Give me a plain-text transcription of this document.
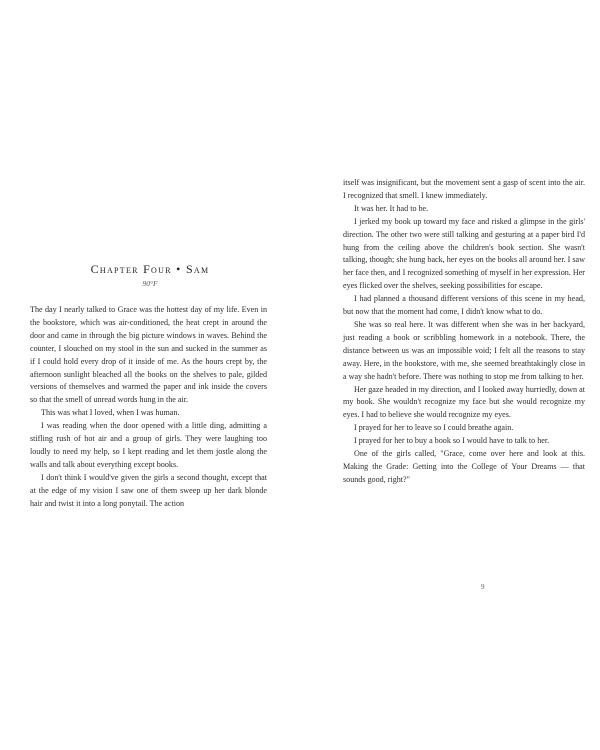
Chapter Four • Sam
90°F

The day I nearly talked to Grace was the hottest day of my life. Even in the bookstore, which was air-conditioned, the heat crept in around the door and came in through the big picture windows in waves. Behind the counter, I slouched on my stool in the sun and sucked in the summer as if I could hold every drop of it inside of me. As the hours crept by, the afternoon sunlight bleached all the books on the shelves to pale, gilded versions of themselves and warmed the paper and ink inside the covers so that the smell of unread words hung in the air.

This was what I loved, when I was human.

I was reading when the door opened with a little ding, admitting a stifling rush of hot air and a group of girls. They were laughing too loudly to need my help, so I kept reading and let them jostle along the walls and talk about everything except books.

I don't think I would've given the girls a second thought, except that at the edge of my vision I saw one of them sweep up her dark blonde hair and twist it into a long ponytail. The action

itself was insignificant, but the movement sent a gasp of scent into the air. I recognized that smell. I knew immediately.

It was her. It had to be.

I jerked my book up toward my face and risked a glimpse in the girls' direction. The other two were still talking and gesturing at a paper bird I'd hung from the ceiling above the children's book section. She wasn't talking, though; she hung back, her eyes on the books all around her. I saw her face then, and I recognized something of myself in her expression. Her eyes flicked over the shelves, seeking possibilities for escape.

I had planned a thousand different versions of this scene in my head, but now that the moment had come, I didn't know what to do.

She was so real here. It was different when she was in her backyard, just reading a book or scribbling homework in a notebook. There, the distance between us was an impossible void; I felt all the reasons to stay away. Here, in the bookstore, with me, she seemed breathtakingly close in a way she hadn't before. There was nothing to stop me from talking to her.

Her gaze headed in my direction, and I looked away hurriedly, down at my book. She wouldn't recognize my face but she would recognize my eyes. I had to believe she would recognize my eyes.

I prayed for her to leave so I could breathe again.

I prayed for her to buy a book so I would have to talk to her.

One of the girls called, "Grace, come over here and look at this. Making the Grade: Getting into the College of Your Dreams — that sounds good, right?"

9
